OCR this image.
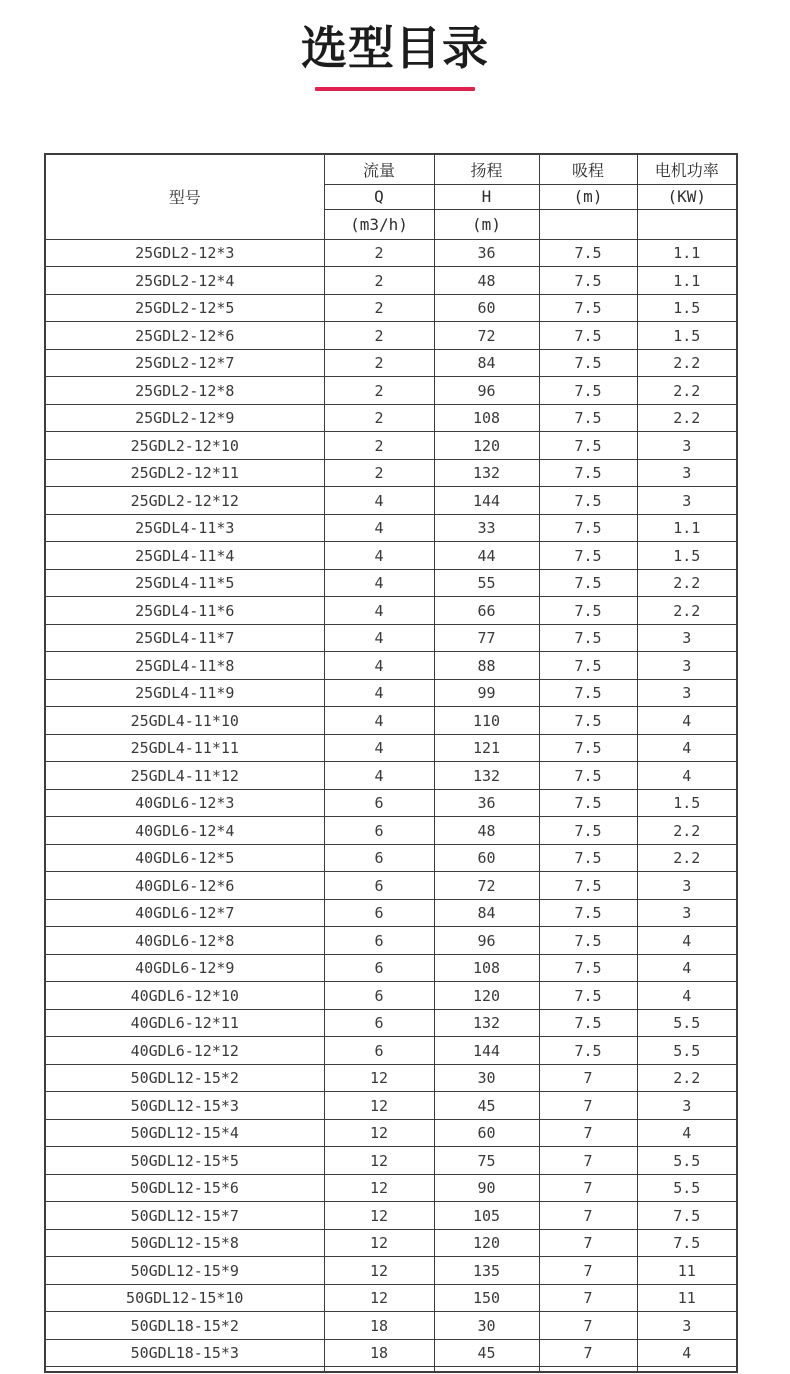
选型目录
型号	流量	扬程	吸程	电机功率
	Q	H	(m)	(KW)
	(m3/h)	(m)		
25GDL2-12*3	2	36	7.5	1.1
25GDL2-12*4	2	48	7.5	1.1
25GDL2-12*5	2	60	7.5	1.5
25GDL2-12*6	2	72	7.5	1.5
25GDL2-12*7	2	84	7.5	2.2
25GDL2-12*8	2	96	7.5	2.2
25GDL2-12*9	2	108	7.5	2.2
25GDL2-12*10	2	120	7.5	3
25GDL2-12*11	2	132	7.5	3
25GDL2-12*12	4	144	7.5	3
25GDL4-11*3	4	33	7.5	1.1
25GDL4-11*4	4	44	7.5	1.5
25GDL4-11*5	4	55	7.5	2.2
25GDL4-11*6	4	66	7.5	2.2
25GDL4-11*7	4	77	7.5	3
25GDL4-11*8	4	88	7.5	3
25GDL4-11*9	4	99	7.5	3
25GDL4-11*10	4	110	7.5	4
25GDL4-11*11	4	121	7.5	4
25GDL4-11*12	4	132	7.5	4
40GDL6-12*3	6	36	7.5	1.5
40GDL6-12*4	6	48	7.5	2.2
40GDL6-12*5	6	60	7.5	2.2
40GDL6-12*6	6	72	7.5	3
40GDL6-12*7	6	84	7.5	3
40GDL6-12*8	6	96	7.5	4
40GDL6-12*9	6	108	7.5	4
40GDL6-12*10	6	120	7.5	4
40GDL6-12*11	6	132	7.5	5.5
40GDL6-12*12	6	144	7.5	5.5
50GDL12-15*2	12	30	7	2.2
50GDL12-15*3	12	45	7	3
50GDL12-15*4	12	60	7	4
50GDL12-15*5	12	75	7	5.5
50GDL12-15*6	12	90	7	5.5
50GDL12-15*7	12	105	7	7.5
50GDL12-15*8	12	120	7	7.5
50GDL12-15*9	12	135	7	11
50GDL12-15*10	12	150	7	11
50GDL18-15*2	18	30	7	3
50GDL18-15*3	18	45	7	4
